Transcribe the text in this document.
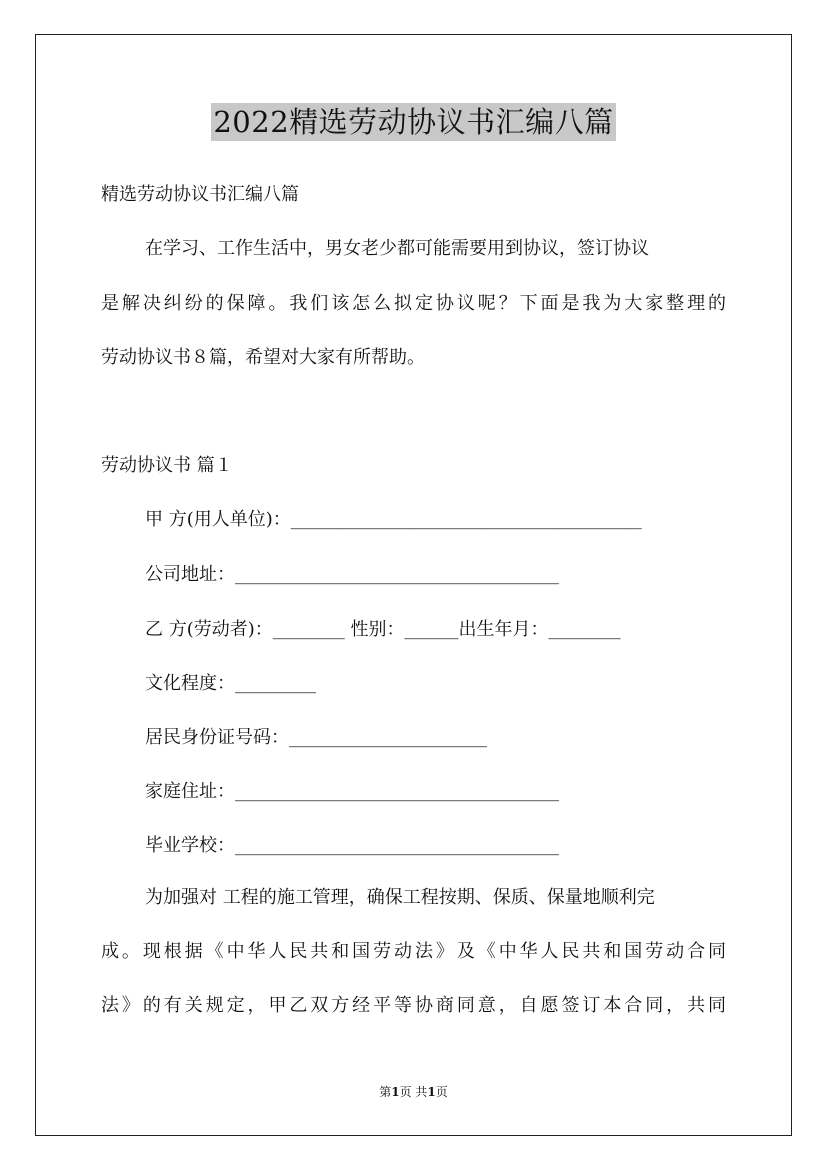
2022精选劳动协议书汇编八篇
精选劳动协议书汇编八篇
在学习、工作生活中，男女老少都可能需要用到协议，签订协议
是解决纠纷的保障。我们该怎么拟定协议呢？下面是我为大家整理的
劳动协议书８篇，希望对大家有所帮助。
劳动协议书 篇１
甲 方(用人单位)：_______________________________________
公司地址：____________________________________
乙 方(劳动者)：________ 性别：______出生年月：________
文化程度：_________
居民身份证号码：______________________
家庭住址：____________________________________
毕业学校：____________________________________
为加强对 工程的施工管理，确保工程按期、保质、保量地顺利完
成。现根据《中华人民共和国劳动法》及《中华人民共和国劳动合同
法》的有关规定，甲乙双方经平等协商同意，自愿签订本合同，共同
第1页 共1页
